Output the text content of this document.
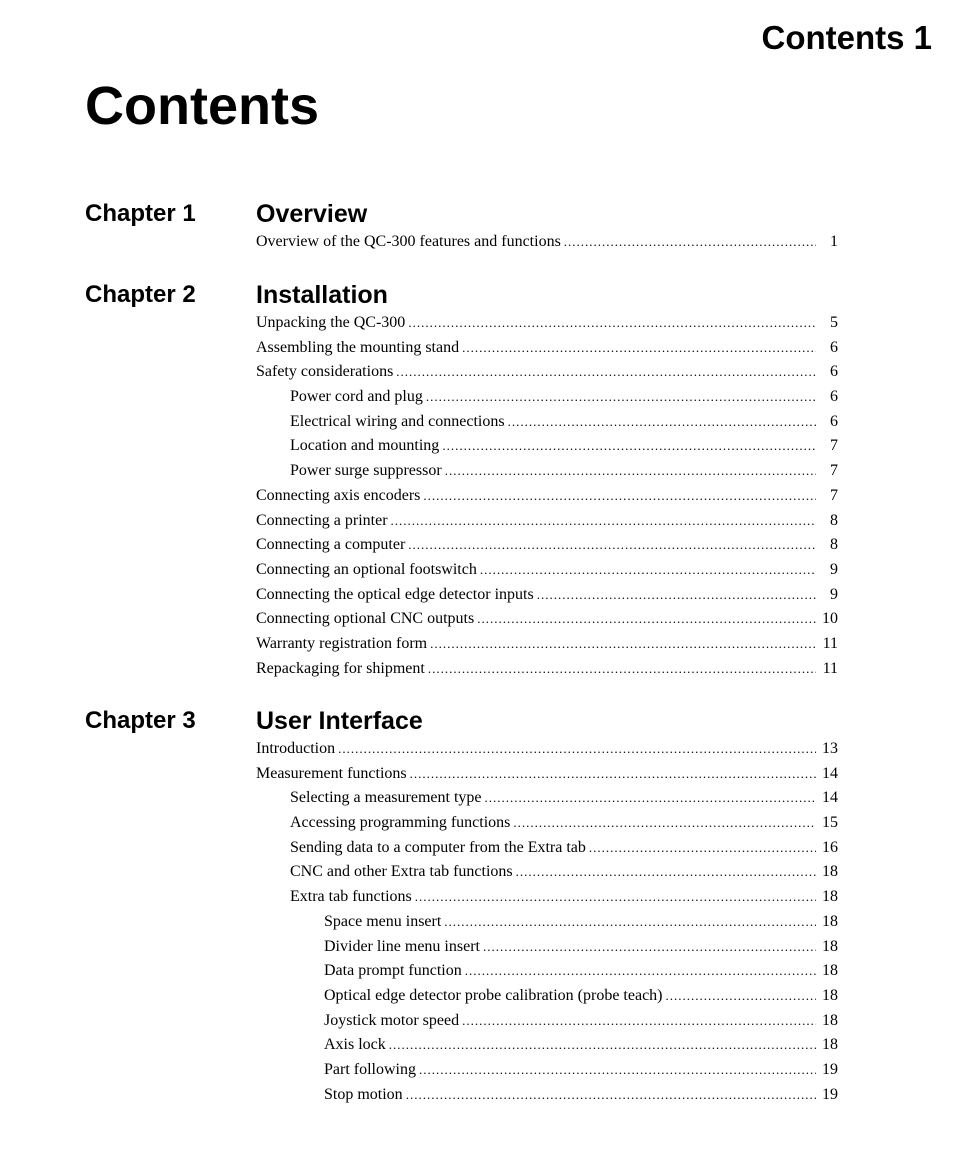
Contents 1
Contents
Chapter 1 Overview
Overview of the QC-300 features and functions .....	1
Chapter 2 Installation
Unpacking the QC-300 .....	5
Assembling the mounting stand .....	6
Safety considerations .....	6
Power cord and plug .....	6
Electrical wiring and connections .....	6
Location and mounting .....	7
Power surge suppressor .....	7
Connecting axis encoders .....	7
Connecting a printer .....	8
Connecting a computer .....	8
Connecting an optional footswitch .....	9
Connecting the optical edge detector inputs .....	9
Connecting optional CNC outputs .....	10
Warranty registration form .....	11
Repackaging for shipment .....	11
Chapter 3 User Interface
Introduction .....	13
Measurement functions .....	14
Selecting a measurement type .....	14
Accessing programming functions .....	15
Sending data to a computer from the Extra tab .....	16
CNC and other Extra tab functions .....	18
Extra tab functions .....	18
Space menu insert .....	18
Divider line menu insert .....	18
Data prompt function .....	18
Optical edge detector probe calibration (probe teach) .....	18
Joystick motor speed .....	18
Axis lock .....	18
Part following .....	19
Stop motion .....	19
